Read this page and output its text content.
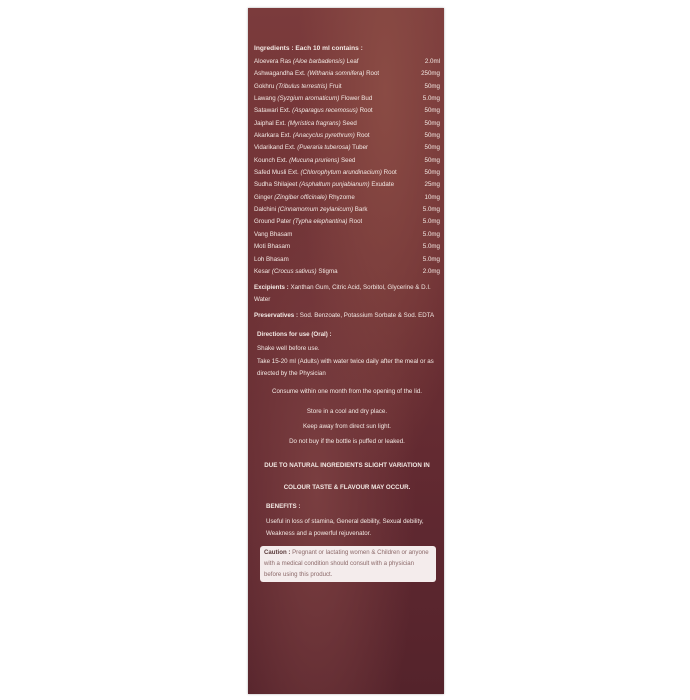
Ingredients : Each 10 ml contains :
Aloevera Ras (Aloe barbadensis) Leaf	2.0ml
Ashwagandha Ext. (Withania somnifera) Root	250mg
Gokhru (Tribulus terrestris) Fruit	50mg
Lawang (Syzgium aromaticum) Flower Bud	5.0mg
Satawari Ext. (Asparagus recemosus) Root	50mg
Jaiphal Ext. (Myristica fragrans) Seed	50mg
Akarkara Ext. (Anacyclus pyrethrum) Root	50mg
Vidarikand Ext. (Pueraria tuberosa) Tuber	50mg
Kounch Ext. (Mucuna pruriens) Seed	50mg
Safed Musli Ext. (Chlorophytum arundinacium) Root	50mg
Sudha Shilajeet (Asphaltum punjabianum) Exudate	25mg
Ginger (Zingiber officinale) Rhyzome	10mg
Dalchini (Cinnamomum zeylanicum) Bark	5.0mg
Ground Pater (Typha elephantina) Root	5.0mg
Vang Bhasam	5.0mg
Moti Bhasam	5.0mg
Loh Bhasam	5.0mg
Kesar (Crocus sativus) Stigma	2.0mg
Excipients : Xanthan Gum, Citric Acid, Sorbitol, Glycerine & D.I. Water
Preservatives : Sod. Benzoate, Potassium Sorbate & Sod. EDTA
Directions for use (Oral) :
Shake well before use.
Take 15-20 ml (Adults) with water twice daily after the meal or as directed by the Physician
Consume within one month from the opening of the lid.
Store in a cool and dry place.
Keep away from direct sun light.
Do not buy if the bottle is puffed or leaked.
DUE TO NATURAL INGREDIENTS SLIGHT VARIATION IN COLOUR TASTE & FLAVOUR MAY OCCUR.
BENEFITS :
Useful in loss of stamina, General debility, Sexual debility, Weakness and a powerful rejuvenator.
Caution : Pregnant or lactating women & Children or anyone with a medical condition should consult with a physician before using this product.
